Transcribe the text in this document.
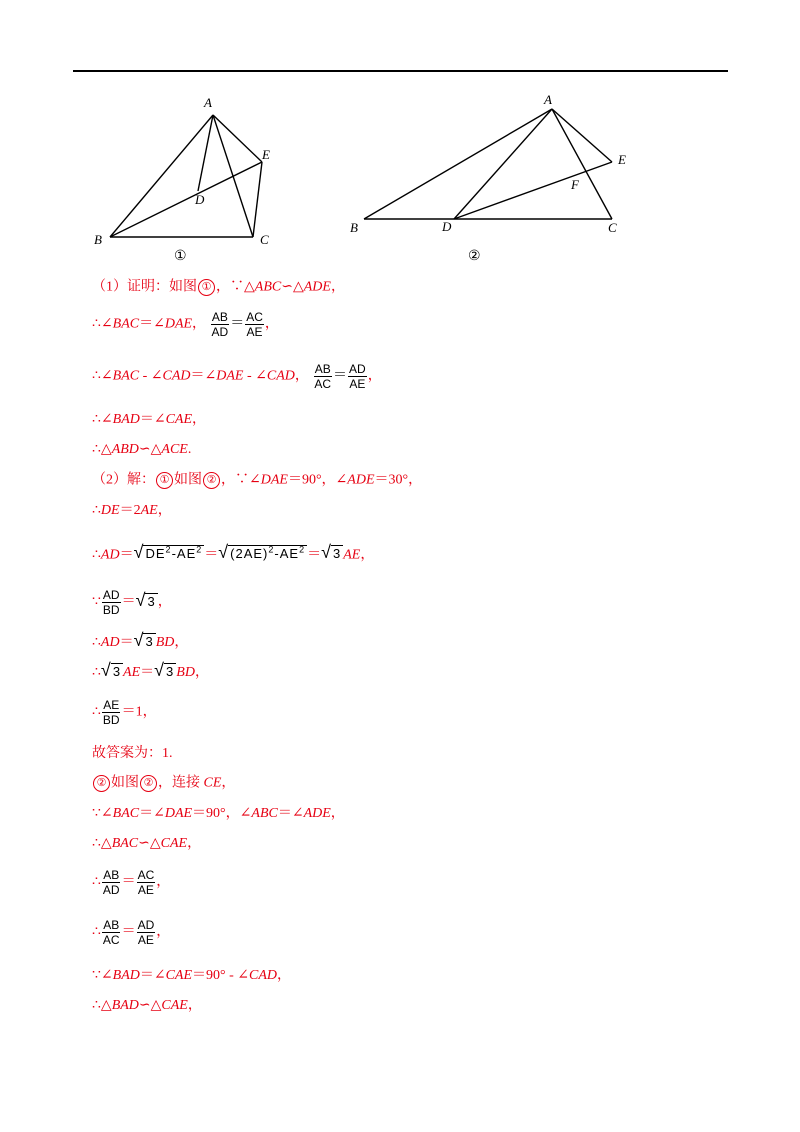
A
B	C
D
E
①
A
B	C
D
E
F
②
（1）证明：如图 ① ，∵△ABC∽△ADE，
∴∠BAC＝∠DAE， $\frac{AB}{AD} = \frac{AC}{AE}$ ，
∴∠BAC - ∠CAD＝∠DAE - ∠CAD， $\frac{AB}{AC} = \frac{AD}{AE}$ ，
∴∠BAD＝∠CAE，
∴△ABD∽△ACE.
（2）解： ① 如图 ② ，∵∠DAE＝90°，∠ADE＝30°，
∴DE＝2AE，
∴AD＝√ $DE^2-AE^2$ ＝√ $(2AE)^2-AE^2$ ＝√ 3 AE，
∵ $\frac{AD}{BD}$ ＝√ 3 ，
∴AD＝√ 3 BD，
∴√ 3 AE＝√ 3 BD，
∴ $\frac{AE}{BD} =1$，
故答案为：1.
② 如图 ② ，连接 CE，
∵∠BAC＝∠DAE＝90°，∠ABC＝∠ADE，
∴△BAC∽△CAE，
∴ $\frac{AB}{AD} = \frac{AC}{AE}$ ，
∴ $\frac{AB}{AC} = \frac{AD}{AE}$ ，
∵∠BAD＝∠CAE＝90° - ∠CAD，
∴△BAD∽△CAE，
